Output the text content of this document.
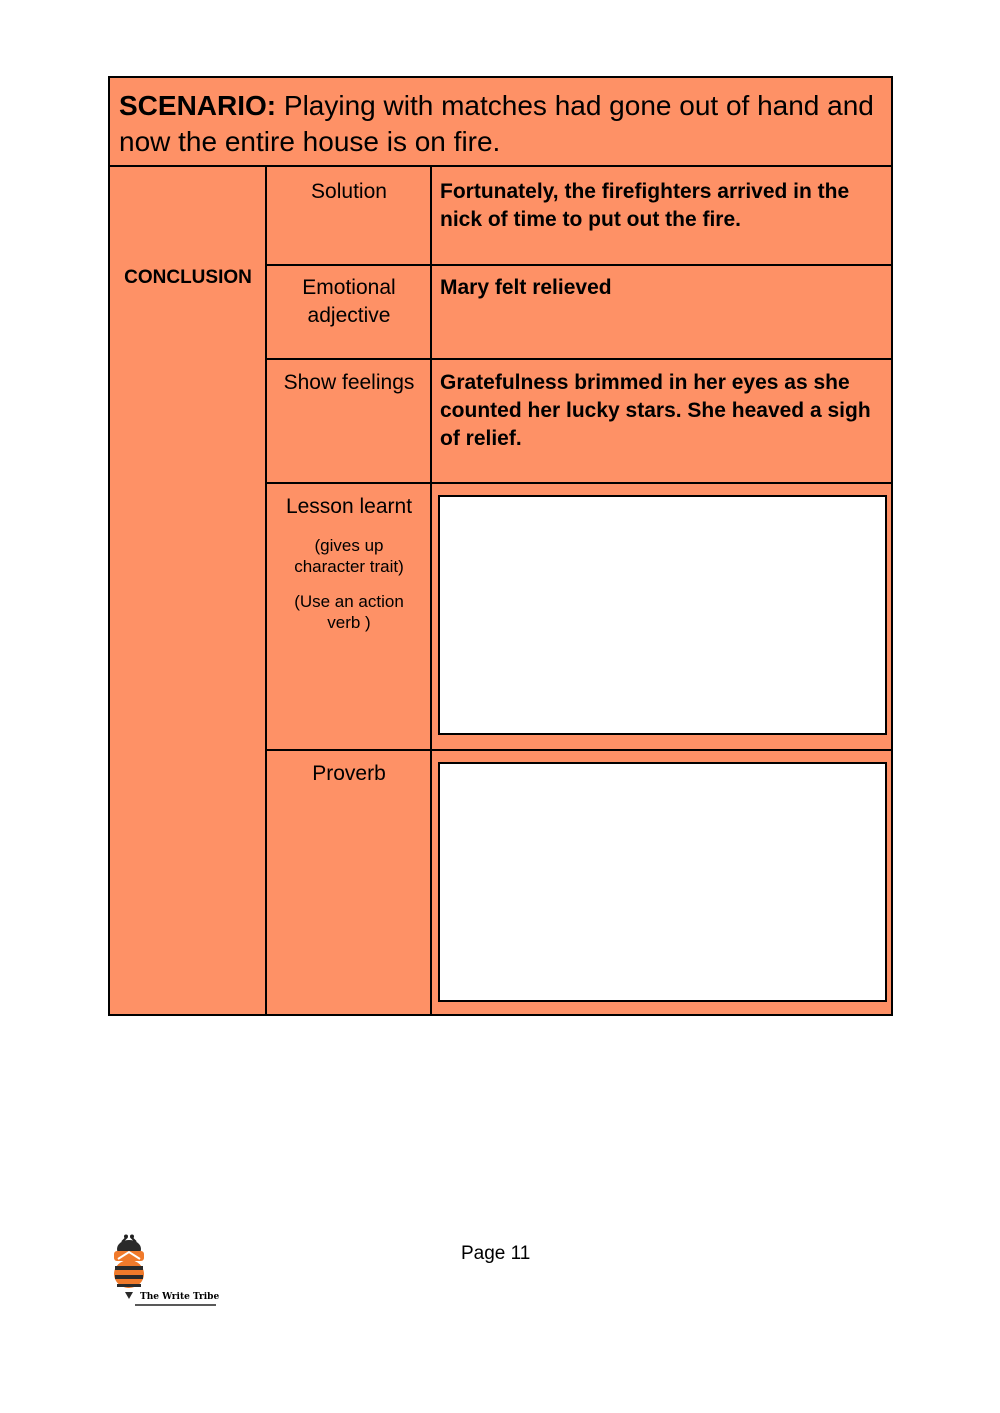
SCENARIO: Playing with matches had gone out of hand and now the entire house is on fire.
CONCLUSION
Solution	Fortunately, the firefighters arrived in the nick of time to put out the fire.
Emotional adjective
Mary felt relieved
Show feelings	Gratefulness brimmed in her eyes as she counted her lucky stars. She heaved a sigh of relief.
Lesson learnt
(gives up character trait)
(Use an action verb )
Proverb
The Write Tribe
Page 11
